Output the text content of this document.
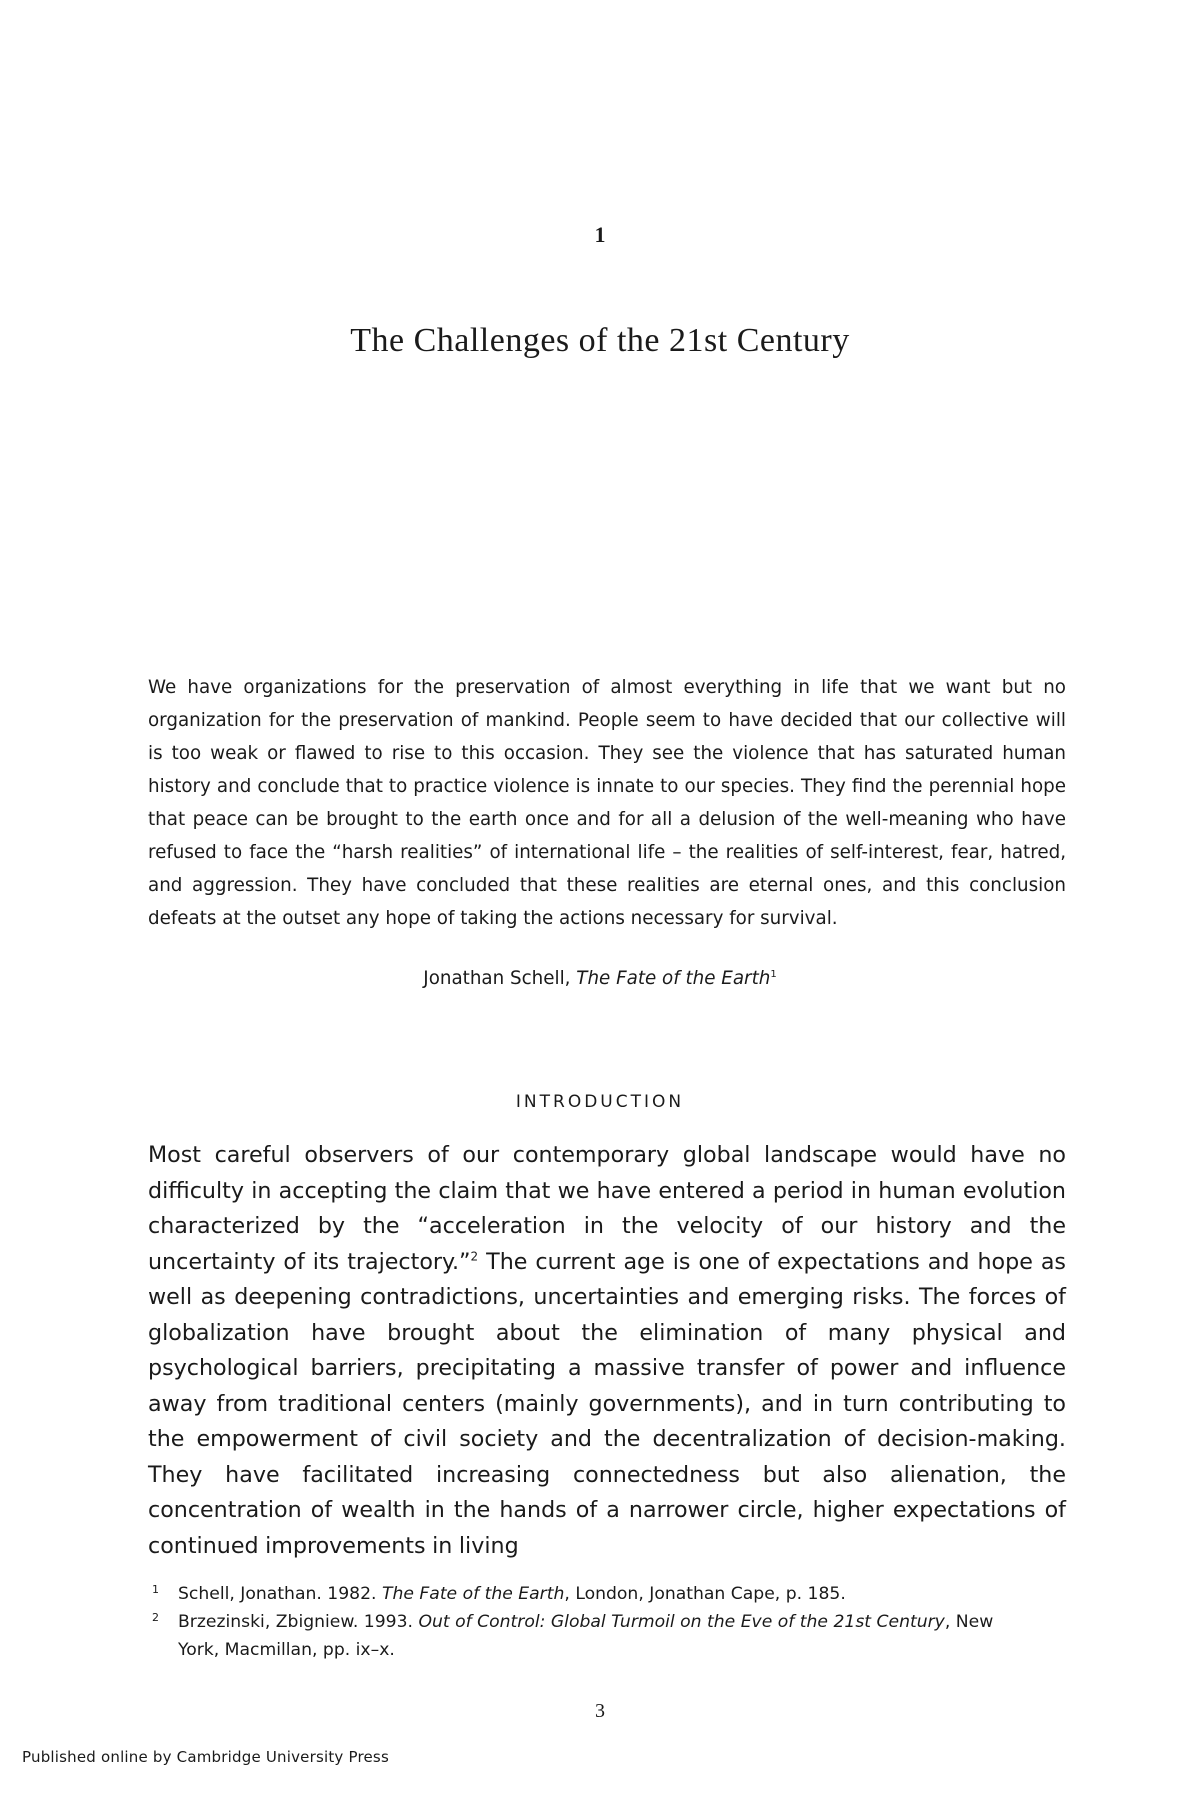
1
The Challenges of the 21st Century

We have organizations for the preservation of almost everything in life that we want but no organization for the preservation of mankind. People seem to have decided that our collective will is too weak or flawed to rise to this occasion. They see the violence that has saturated human history and conclude that to practice violence is innate to our species. They find the perennial hope that peace can be brought to the earth once and for all a delusion of the well-meaning who have refused to face the “harsh realities” of international life – the realities of self-interest, fear, hatred, and aggression. They have concluded that these realities are eternal ones, and this conclusion defeats at the outset any hope of taking the actions necessary for survival.

Jonathan Schell, The Fate of the Earth$^1$
INTRODUCTION

Most careful observers of our contemporary global landscape would have no difficulty in accepting the claim that we have entered a period in human evolution characterized by the “acceleration in the velocity of our history and the uncertainty of its trajectory.”$^2$ The current age is one of expectations and hope as well as deepening contradictions, uncertainties and emerging risks. The forces of globalization have brought about the elimination of many physical and psychological barriers, precipitating a massive transfer of power and influence away from traditional centers (mainly governments), and in turn contributing to the empowerment of civil society and the decentralization of decision-making. They have facilitated increasing connectedness but also alienation, the concentration of wealth in the hands of a narrower circle, higher expectations of continued improvements in living

1 Schell, Jonathan. 1982. The Fate of the Earth, London, Jonathan Cape, p. 185.
2 Brzezinski, Zbigniew. 1993. Out of Control: Global Turmoil on the Eve of the 21st Century, New York, Macmillan, pp. ix–x.
3
Published online by Cambridge University Press
